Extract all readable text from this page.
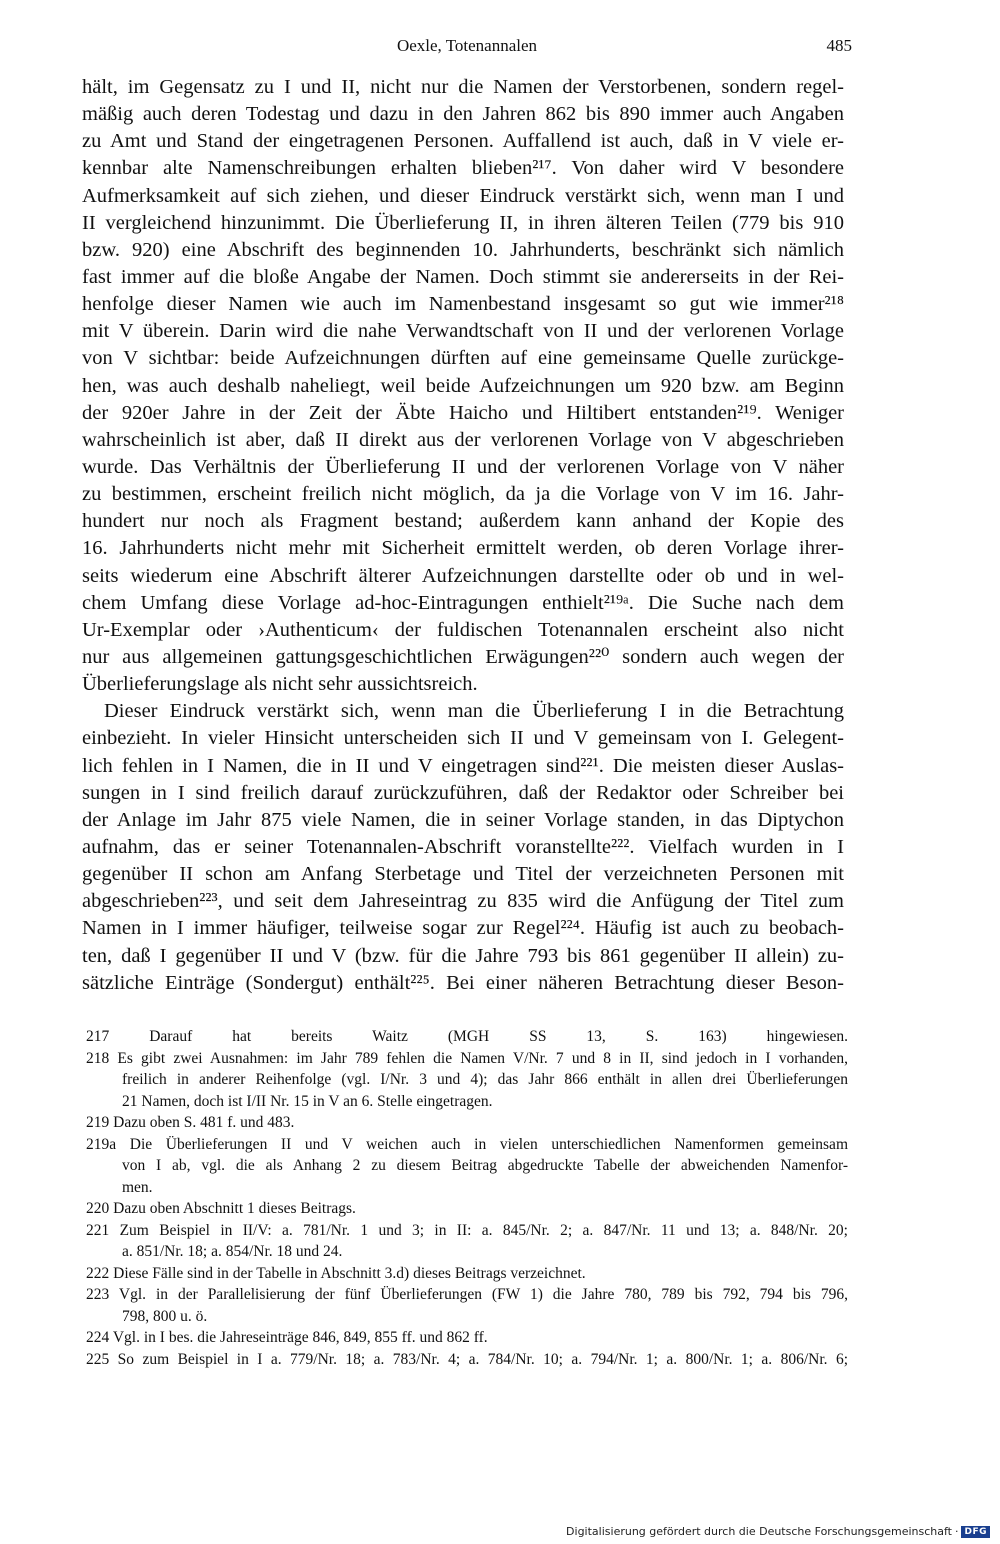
Oexle, Totenannalen	485
hält, im Gegensatz zu I und II, nicht nur die Namen der Verstorbenen, sondern regel-
mäßig auch deren Todestag und dazu in den Jahren 862 bis 890 immer auch Angaben
zu Amt und Stand der eingetragenen Personen. Auffallend ist auch, daß in V viele er-
kennbar alte Namenschreibungen erhalten blieben²¹⁷. Von daher wird V besondere
Aufmerksamkeit auf sich ziehen, und dieser Eindruck verstärkt sich, wenn man I und
II vergleichend hinzunimmt. Die Überlieferung II, in ihren älteren Teilen (779 bis 910
bzw. 920) eine Abschrift des beginnenden 10. Jahrhunderts, beschränkt sich nämlich
fast immer auf die bloße Angabe der Namen. Doch stimmt sie andererseits in der Rei-
henfolge dieser Namen wie auch im Namenbestand insgesamt so gut wie immer²¹⁸
mit V überein. Darin wird die nahe Verwandtschaft von II und der verlorenen Vorlage
von V sichtbar: beide Aufzeichnungen dürften auf eine gemeinsame Quelle zurückge-
hen, was auch deshalb naheliegt, weil beide Aufzeichnungen um 920 bzw. am Beginn
der 920er Jahre in der Zeit der Äbte Haicho und Hiltibert entstanden²¹⁹. Weniger
wahrscheinlich ist aber, daß II direkt aus der verlorenen Vorlage von V abgeschrieben
wurde. Das Verhältnis der Überlieferung II und der verlorenen Vorlage von V näher
zu bestimmen, erscheint freilich nicht möglich, da ja die Vorlage von V im 16. Jahr-
hundert nur noch als Fragment bestand; außerdem kann anhand der Kopie des
16. Jahrhunderts nicht mehr mit Sicherheit ermittelt werden, ob deren Vorlage ihrer-
seits wiederum eine Abschrift älterer Aufzeichnungen darstellte oder ob und in wel-
chem Umfang diese Vorlage ad-hoc-Eintragungen enthielt²¹⁹ᵃ. Die Suche nach dem
Ur-Exemplar oder ›Authenticum‹ der fuldischen Totenannalen erscheint also nicht
nur aus allgemeinen gattungsgeschichtlichen Erwägungen²²⁰ sondern auch wegen der
Überlieferungslage als nicht sehr aussichtsreich.
Dieser Eindruck verstärkt sich, wenn man die Überlieferung I in die Betrachtung
einbezieht. In vieler Hinsicht unterscheiden sich II und V gemeinsam von I. Gelegent-
lich fehlen in I Namen, die in II und V eingetragen sind²²¹. Die meisten dieser Auslas-
sungen in I sind freilich darauf zurückzuführen, daß der Redaktor oder Schreiber bei
der Anlage im Jahr 875 viele Namen, die in seiner Vorlage standen, in das Diptychon
aufnahm, das er seiner Totenannalen-Abschrift voranstellte²²². Vielfach wurden in I
gegenüber II schon am Anfang Sterbetage und Titel der verzeichneten Personen mit
abgeschrieben²²³, und seit dem Jahreseintrag zu 835 wird die Anfügung der Titel zum
Namen in I immer häufiger, teilweise sogar zur Regel²²⁴. Häufig ist auch zu beobach-
ten, daß I gegenüber II und V (bzw. für die Jahre 793 bis 861 gegenüber II allein) zu-
sätzliche Einträge (Sondergut) enthält²²⁵. Bei einer näheren Betrachtung dieser Beson-
217 Darauf hat bereits Waitz (MGH SS 13, S. 163) hingewiesen.
218 Es gibt zwei Ausnahmen: im Jahr 789 fehlen die Namen V/Nr. 7 und 8 in II, sind jedoch in I vorhanden,
freilich in anderer Reihenfolge (vgl. I/Nr. 3 und 4); das Jahr 866 enthält in allen drei Überlieferungen
21 Namen, doch ist I/II Nr. 15 in V an 6. Stelle eingetragen.
219 Dazu oben S. 481 f. und 483.
219a Die Überlieferungen II und V weichen auch in vielen unterschiedlichen Namenformen gemeinsam
von I ab, vgl. die als Anhang 2 zu diesem Beitrag abgedruckte Tabelle der abweichenden Namenfor-
men.
220 Dazu oben Abschnitt 1 dieses Beitrags.
221 Zum Beispiel in II/V: a. 781/Nr. 1 und 3; in II: a. 845/Nr. 2; a. 847/Nr. 11 und 13; a. 848/Nr. 20;
a. 851/Nr. 18; a. 854/Nr. 18 und 24.
222 Diese Fälle sind in der Tabelle in Abschnitt 3.d) dieses Beitrags verzeichnet.
223 Vgl. in der Parallelisierung der fünf Überlieferungen (FW 1) die Jahre 780, 789 bis 792, 794 bis 796,
798, 800 u. ö.
224 Vgl. in I bes. die Jahreseinträge 846, 849, 855 ff. und 862 ff.
225 So zum Beispiel in I a. 779/Nr. 18; a. 783/Nr. 4; a. 784/Nr. 10; a. 794/Nr. 1; a. 800/Nr. 1; a. 806/Nr. 6;
Digitalisierung gefördert durch die Deutsche Forschungsgemeinschaft · DFG
